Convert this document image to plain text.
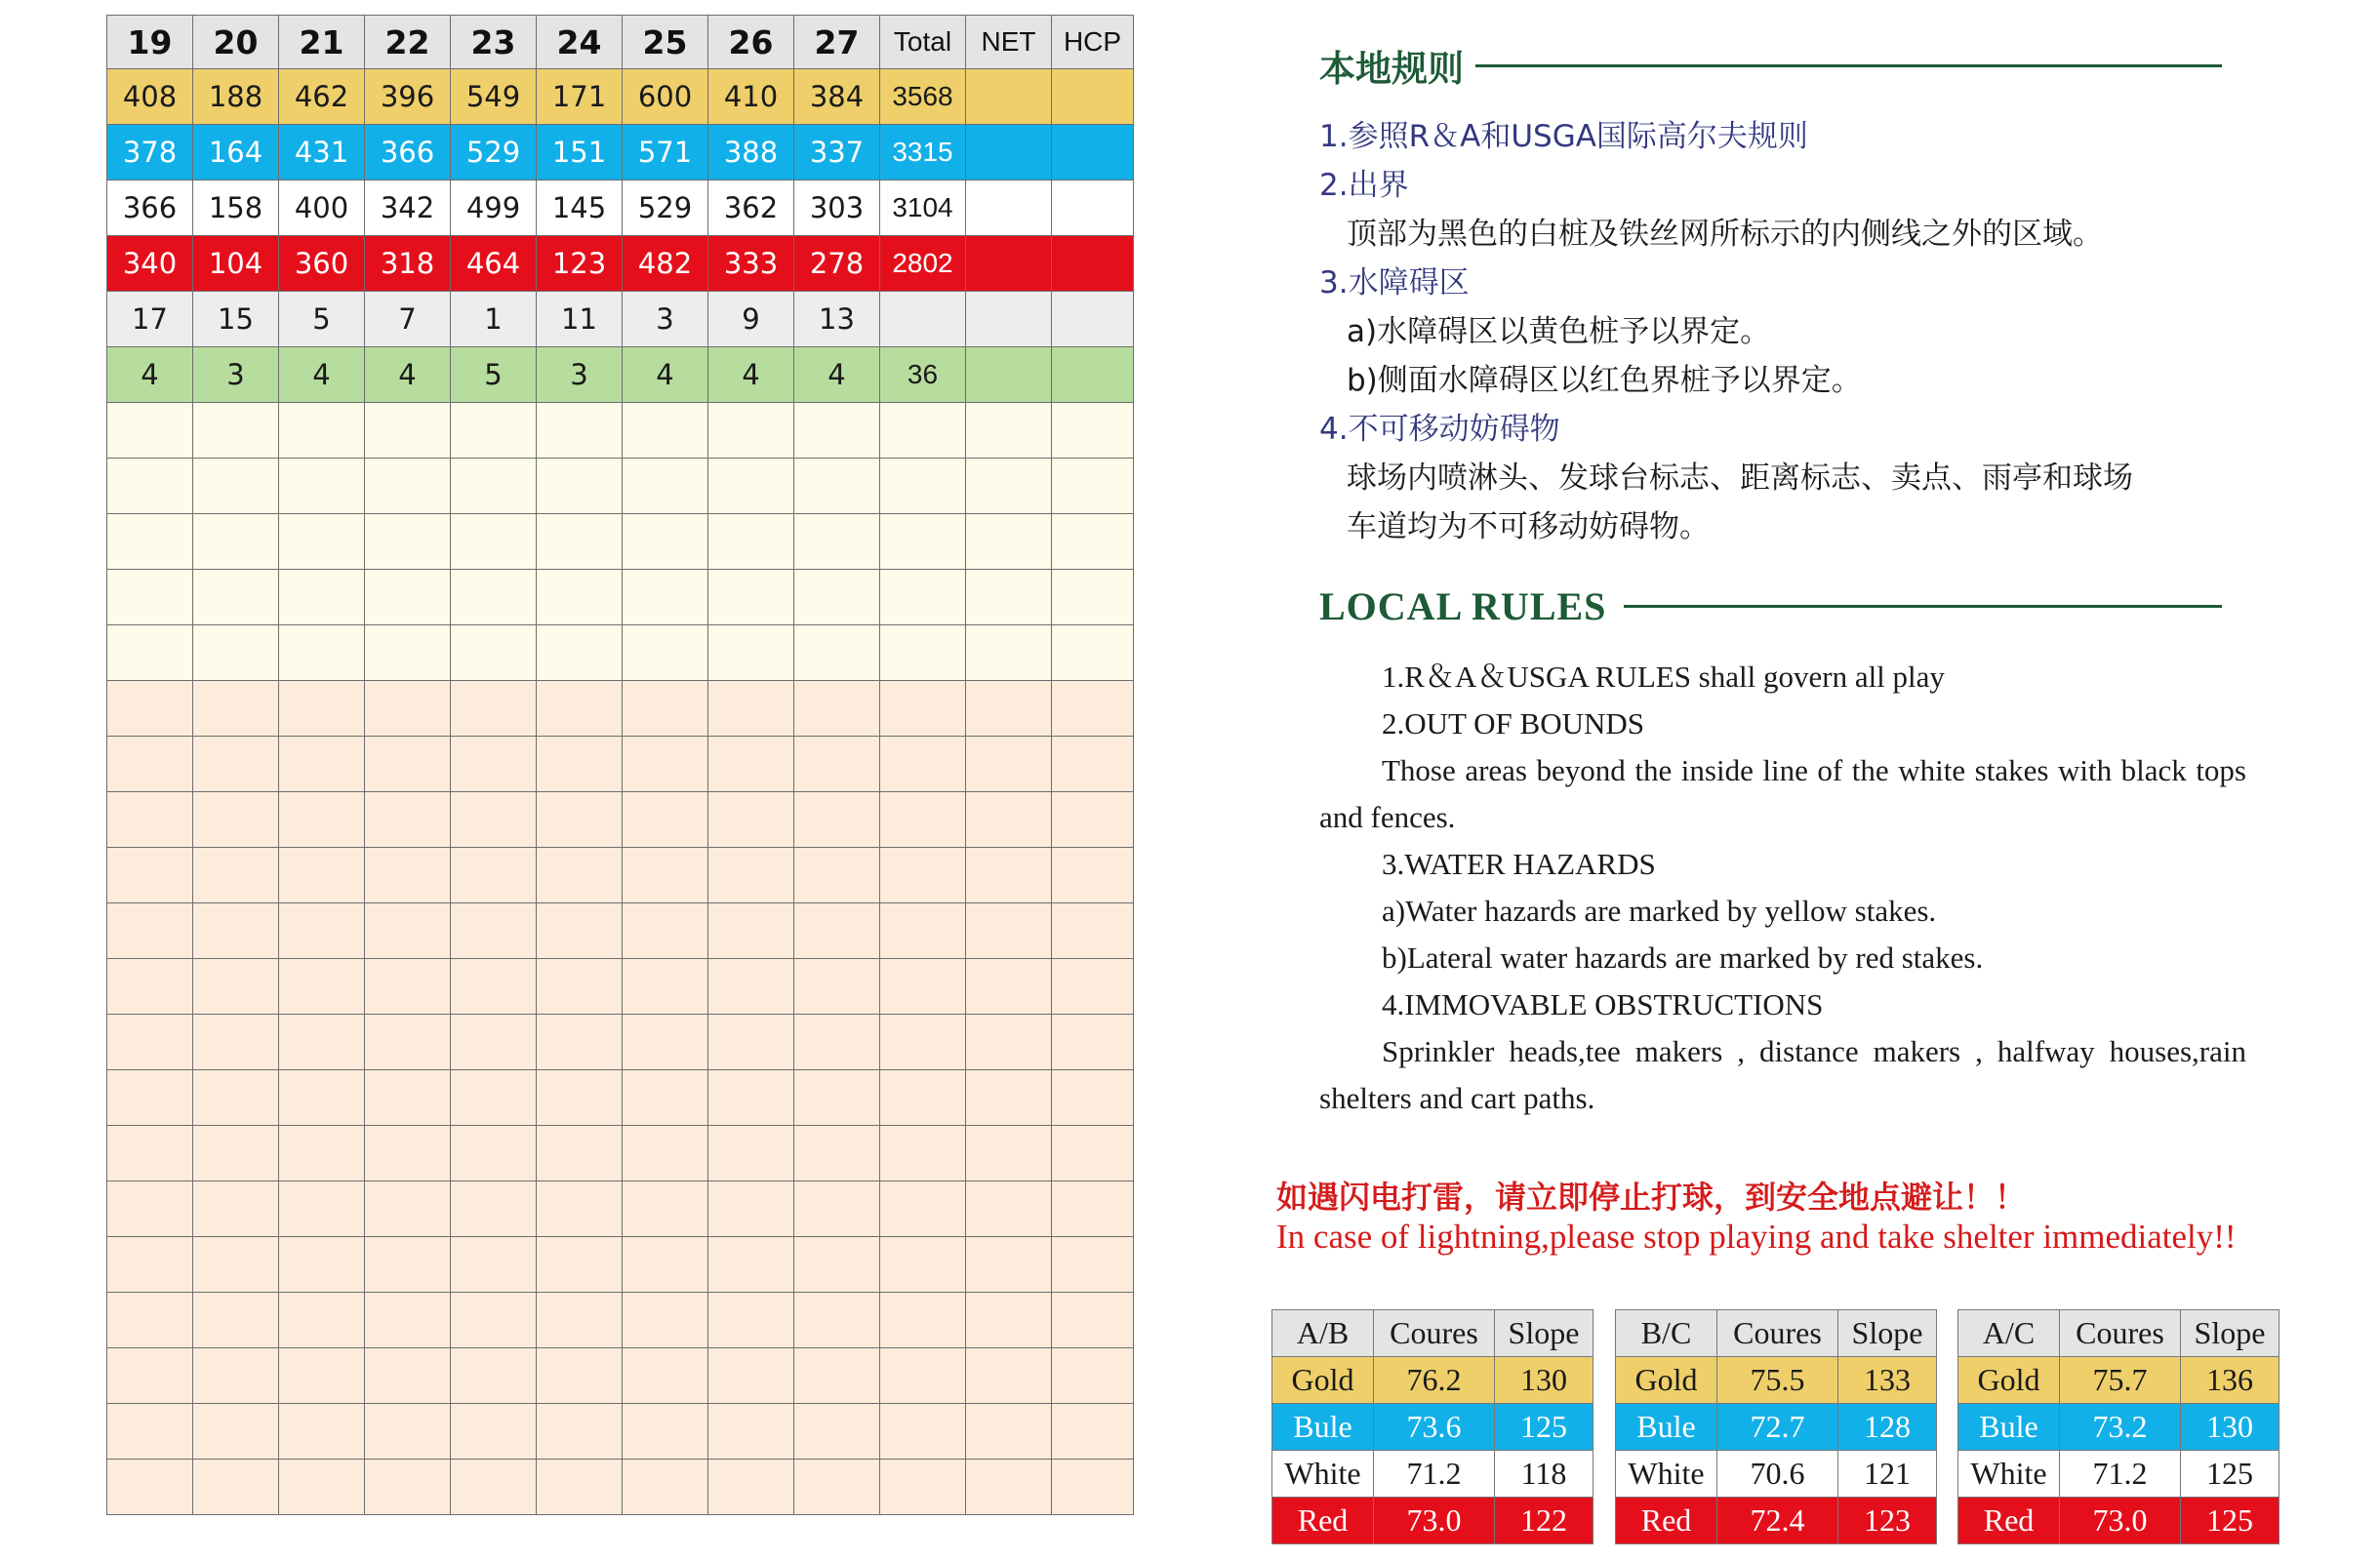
19	20	21	22	23	24	25	26	27	Total	NET	HCP
408	188	462	396	549	171	600	410	384	3568		
378	164	431	366	529	151	571	388	337	3315		
366	158	400	342	499	145	529	362	303	3104		
340	104	360	318	464	123	482	333	278	2802		
17	15	5	7	1	11	3	9	13			
4	3	4	4	5	3	4	4	4	36		

本地规则
1.参照R＆A和USGA国际高尔夫规则
2.出界
顶部为黑色的白桩及铁丝网所标示的内侧线之外的区域。
3.水障碍区
a)水障碍区以黄色桩予以界定。
b)侧面水障碍区以红色界桩予以界定。
4.不可移动妨碍物
球场内喷淋头、发球台标志、距离标志、卖点、雨亭和球场
车道均为不可移动妨碍物。
LOCAL RULES
1.R＆A＆USGA RULES shall govern all play
2.OUT OF BOUNDS
Those areas beyond the inside line of the white stakes with black tops and fences.
3.WATER HAZARDS
a)Water hazards are marked by yellow stakes.
b)Lateral water hazards are marked by red stakes.
4.IMMOVABLE OBSTRUCTIONS
Sprinkler heads,tee makers , distance makers , halfway houses,rain shelters and cart paths.
如遇闪电打雷，请立即停止打球，到安全地点避让！！
In case of lightning,please stop playing and take shelter immediately!!
A/B	Coures	Slope
Gold	76.2	130
Bule	73.6	125
White	71.2	118
Red	73.0	122
B/C	Coures	Slope
Gold	75.5	133
Bule	72.7	128
White	70.6	121
Red	72.4	123
A/C	Coures	Slope
Gold	75.7	136
Bule	73.2	130
White	71.2	125
Red	73.0	125
